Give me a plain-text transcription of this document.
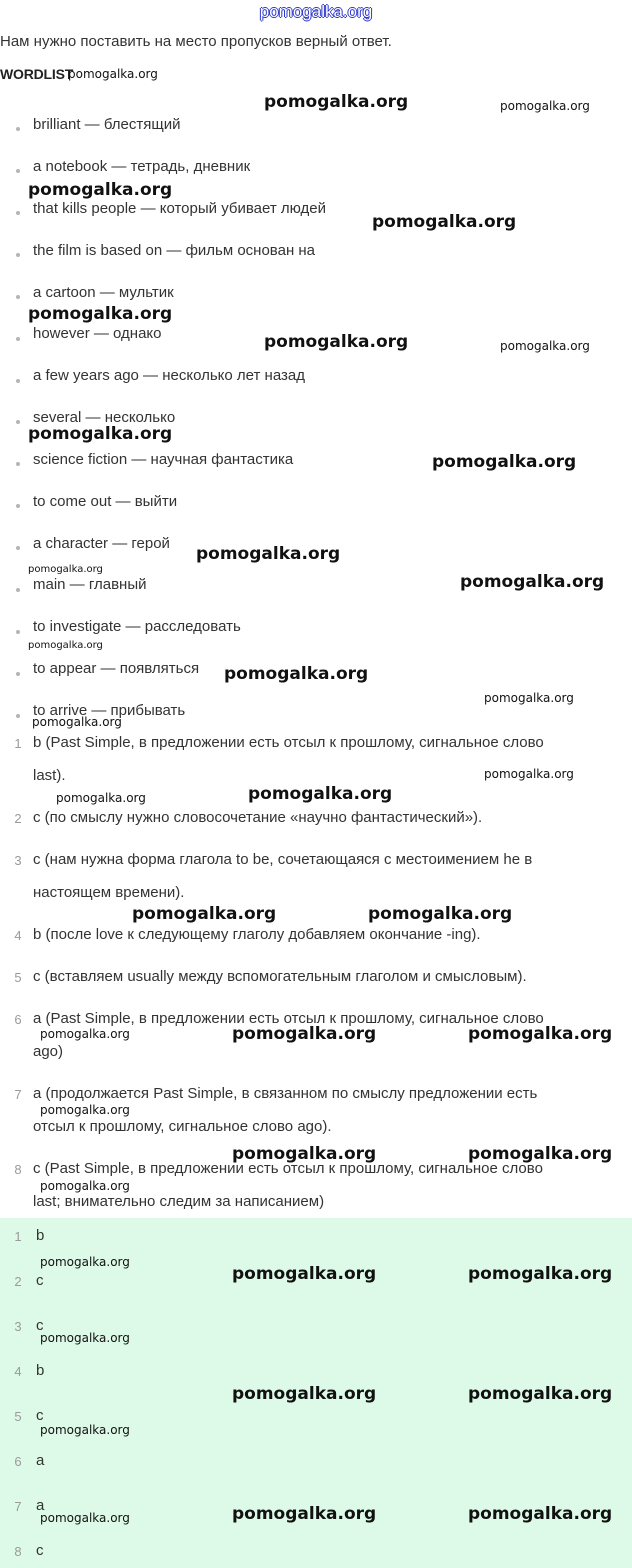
pomogalka.org
Нам нужно поставить на место пропусков верный ответ.
WORDLIST
brilliant — блестящий
a notebook — тетрадь, дневник
that kills people — который убивает людей
the film is based on — фильм основан на
a cartoon — мультик
however — однако
a few years ago — несколько лет назад
several — несколько
science fiction — научная фантастика
to come out — выйти
a character — герой
main — главный
to investigate — расследовать
to appear — появляться
to arrive — прибывать
1 b (Past Simple, в предложении есть отсыл к прошлому, сигнальное слово
last).
2 c (по смыслу нужно словосочетание «научно фантастический»).
3 c (нам нужна форма глагола to be, сочетающаяся с местоимением he в
настоящем времени).
4 b (после love к следующему глаголу добавляем окончание -ing).
5 c (вставляем usually между вспомогательным глаголом и смысловым).
6 a (Past Simple, в предложении есть отсыл к прошлому, сигнальное слово
ago)
7 a (продолжается Past Simple, в связанном по смыслу предложении есть
отсыл к прошлому, сигнальное слово ago).
8 c (Past Simple, в предложении есть отсыл к прошлому, сигнальное слово
last; внимательно следим за написанием)
1 b
2 c
3 c
4 b
5 c
6 a
7 a
8 c
pomogalka.org
pomogalka.org	pomogalka.org
pomogalka.org
pomogalka.org
pomogalka.org
pomogalka.org	pomogalka.org
pomogalka.org
pomogalka.org
pomogalka.org
pomogalka.org
pomogalka.org
pomogalka.org
pomogalka.org
pomogalka.org
pomogalka.org
pomogalka.org
pomogalka.org
pomogalka.org
pomogalka.org	pomogalka.org
pomogalka.org	pomogalka.org	pomogalka.org
pomogalka.org
pomogalka.org	pomogalka.org
pomogalka.org
pomogalka.org
pomogalka.org	pomogalka.org
pomogalka.org
pomogalka.org	pomogalka.org
pomogalka.org
pomogalka.org	pomogalka.org
pomogalka.org
